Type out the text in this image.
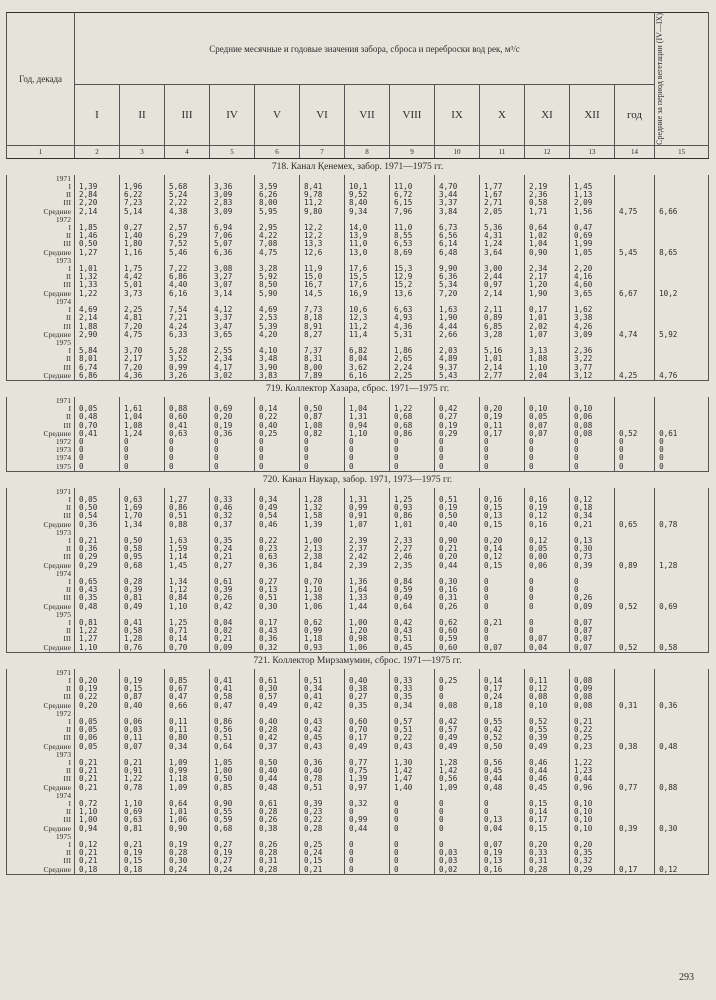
Год, декада	Средние месячные и годовые значения забора, сброса и переброски вод рек, м³/с													Средние за период вегетации (IV—IX)

	I	II	III	IV	V	VI	VII	VIII	IX	X	XI	XII	год	
1	2	3	4	5	6	7	8	9	10	11	12	13	14	15
718. Канал Қенемех, забор. 1971—1975 гг.														
1971														
I	1,39	1,96	5,68	3,36	3,59	8,41	10,1	11,0	4,70	1,77	2,19	1,45		
II	2,84	6,22	5,24	3,09	6,26	9,78	9,52	6,72	3,44	1,67	2,36	1,13		
III	2,20	7,23	2,22	2,83	8,00	11,2	8,40	6,15	3,37	2,71	0,58	2,09		
Средние	2,14	5,14	4,38	3,09	5,95	9,80	9,34	7,96	3,84	2,05	1,71	1,56	4,75	6,66
1972														
I	1,85	0,27	2,57	6,94	2,95	12,2	14,0	11,0	6,73	5,36	0,64	0,47		
II	1,46	1,40	6,29	7,06	4,22	12,2	13,9	8,55	6,56	4,31	1,02	0,69		
III	0,50	1,80	7,52	5,07	7,08	13,3	11,0	6,53	6,14	1,24	1,04	1,99		
Средние	1,27	1,16	5,46	6,36	4,75	12,6	13,0	8,69	6,48	3,64	0,90	1,05	5,45	8,65
1973														
I	1,01	1,75	7,22	3,08	3,28	11,9	17,6	15,3	9,90	3,00	2,34	2,20		
II	1,32	4,42	6,86	3,27	5,92	15,0	15,5	12,9	6,36	2,44	2,17	4,16		
III	1,33	5,01	4,40	3,07	8,50	16,7	17,6	15,2	5,34	0,97	1,20	4,60		
Средние	1,22	3,73	6,16	3,14	5,90	14,5	16,9	13,6	7,20	2,14	1,90	3,65	6,67	10,2
1974														
I	4,69	2,25	7,54	4,12	4,69	7,73	10,6	6,63	1,63	2,11	0,17	1,62		
II	2,14	4,81	7,21	3,37	2,53	8,18	12,3	4,93	1,90	0,89	1,01	3,38		
III	1,88	7,20	4,24	3,47	5,39	8,91	11,2	4,36	4,44	6,85	2,02	4,26		
Средние	2,90	4,75	6,33	3,65	4,20	8,27	11,4	5,31	2,66	3,28	1,07	3,09	4,74	5,92
1975														
I	5,84	3,70	5,28	2,55	4,10	7,37	6,82	1,86	2,03	5,16	3,13	2,36		
II	8,01	2,17	3,52	2,34	3,48	8,31	8,04	2,65	4,89	1,01	1,88	3,22		
III	6,74	7,20	0,99	4,17	3,90	8,00	3,62	2,24	9,37	2,14	1,10	3,77		
Средние	6,86	4,36	3,26	3,02	3,83	7,89	6,16	2,25	5,43	2,77	2,04	3,12	4,25	4,76
719. Коллектор Хазара, сброс. 1971—1975 гг.														
1971														
I	0,05	1,61	0,88	0,69	0,14	0,50	1,04	1,22	0,42	0,20	0,10	0,10		
II	0,48	1,04	0,60	0,20	0,22	0,87	1,31	0,68	0,27	0,19	0,05	0,06		
III	0,70	1,08	0,41	0,19	0,40	1,08	0,94	0,68	0,19	0,11	0,07	0,08		
Средние	0,41	1,24	0,63	0,36	0,25	0,82	1,10	0,86	0,29	0,17	0,07	0,08	0,52	0,61
1972	0	0	0	0	0	0	0	0	0	0	0	0	0	0
1973	0	0	0	0	0	0	0	0	0	0	0	0	0	0
1974	0	0	0	0	0	0	0	0	0	0	0	0	0	0
1975	0	0	0	0	0	0	0	0	0	0	0	0	0	0
720. Канал Наукар, забор. 1971, 1973—1975 гг.														
1971														
I	0,05	0,63	1,27	0,33	0,34	1,28	1,31	1,25	0,51	0,16	0,16	0,12		
II	0,50	1,69	0,86	0,46	0,49	1,32	0,99	0,93	0,19	0,15	0,19	0,18		
III	0,54	1,70	0,51	0,32	0,54	1,58	0,91	0,86	0,50	0,13	0,12	0,34		
Средние	0,36	1,34	0,88	0,37	0,46	1,39	1,07	1,01	0,40	0,15	0,16	0,21	0,65	0,78
1973														
I	0,21	0,50	1,63	0,35	0,22	1,00	2,39	2,33	0,90	0,20	0,12	0,13		
II	0,36	0,58	1,59	0,24	0,23	2,13	2,37	2,27	0,21	0,14	0,05	0,30		
III	0,29	0,95	1,14	0,21	0,63	2,38	2,42	2,46	0,20	0,12	0,00	0,73		
Средние	0,29	0,68	1,45	0,27	0,36	1,84	2,39	2,35	0,44	0,15	0,06	0,39	0,89	1,28
1974														
I	0,65	0,28	1,34	0,61	0,27	0,70	1,36	0,84	0,30	0	0	0		
II	0,43	0,39	1,12	0,39	0,13	1,10	1,64	0,59	0,16	0	0	0		
III	0,35	0,81	0,84	0,26	0,51	1,38	1,33	0,49	0,31	0	0	0,26		
Средние	0,48	0,49	1,10	0,42	0,30	1,06	1,44	0,64	0,26	0	0	0,09	0,52	0,69
1975														
I	0,81	0,41	1,25	0,04	0,17	0,62	1,00	0,42	0,62	0,21	0	0,07		
II	1,22	0,58	0,71	0,02	0,43	0,99	1,20	0,43	0,60	0	0	0,07		
III	1,27	1,28	0,14	0,21	0,36	1,18	0,98	0,51	0,59	0	0,07	0,07		
Средние	1,10	0,76	0,70	0,09	0,32	0,93	1,06	0,45	0,60	0,07	0,04	0,07	0,52	0,58
721. Коллектор Мирзамумин, сброс. 1971—1975 гг.														
1971														
I	0,20	0,19	0,85	0,41	0,61	0,51	0,40	0,33	0,25	0,14	0,11	0,08		
II	0,19	0,15	0,67	0,41	0,30	0,34	0,38	0,33	0	0,17	0,12	0,09		
III	0,22	0,87	0,47	0,58	0,57	0,41	0,27	0,35	0	0,24	0,08	0,08		
Средние	0,20	0,40	0,66	0,47	0,49	0,42	0,35	0,34	0,08	0,18	0,10	0,08	0,31	0,36
1972														
I	0,05	0,06	0,11	0,86	0,40	0,43	0,60	0,57	0,42	0,55	0,52	0,21		
II	0,05	0,03	0,11	0,56	0,28	0,42	0,70	0,51	0,57	0,42	0,55	0,22		
III	0,06	0,11	0,80	0,51	0,42	0,45	0,17	0,22	0,49	0,52	0,39	0,25		
Средние	0,05	0,07	0,34	0,64	0,37	0,43	0,49	0,43	0,49	0,50	0,49	0,23	0,38	0,48
1973														
I	0,21	0,21	1,09	1,05	0,50	0,36	0,77	1,30	1,28	0,56	0,46	1,22		
II	0,21	0,91	0,99	1,00	0,40	0,40	0,75	1,42	1,42	0,45	0,44	1,23		
III	0,21	1,22	1,18	0,50	0,44	0,78	1,39	1,47	0,56	0,44	0,46	0,44		
Средние	0,21	0,78	1,09	0,85	0,48	0,51	0,97	1,40	1,09	0,48	0,45	0,96	0,77	0,88
1974														
I	0,72	1,10	0,64	0,90	0,61	0,39	0,32	0	0	0	0,15	0,10		
II	1,10	0,69	1,01	0,55	0,28	0,23	0	0	0	0	0,14	0,10		
III	1,00	0,63	1,06	0,59	0,26	0,22	0,99	0	0	0,13	0,17	0,10		
Средние	0,94	0,81	0,90	0,68	0,38	0,28	0,44	0	0	0,04	0,15	0,10	0,39	0,30
1975														
I	0,12	0,21	0,19	0,27	0,26	0,25	0	0	0	0,07	0,20	0,20		
II	0,21	0,19	0,28	0,19	0,28	0,24	0	0	0,03	0,19	0,33	0,35		
III	0,21	0,15	0,30	0,27	0,31	0,15	0	0	0,03	0,13	0,31	0,32		
Средние	0,18	0,18	0,24	0,24	0,28	0,21	0	0	0,02	0,16	0,28	0,29	0,17	0,12
293
